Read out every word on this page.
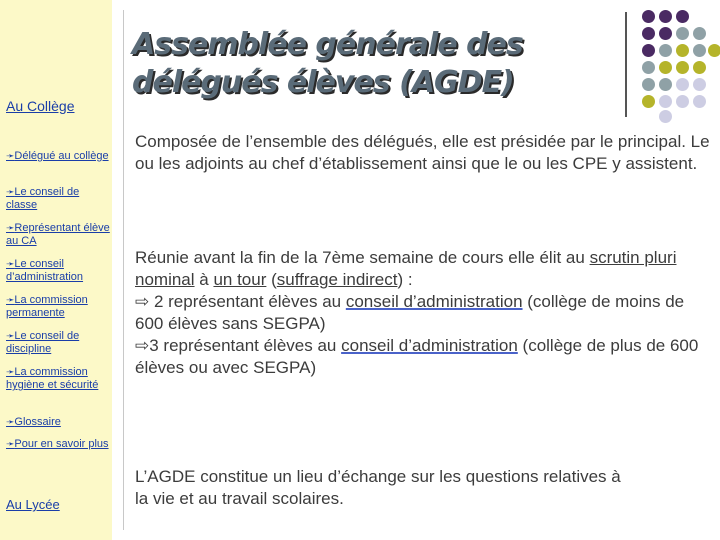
Au Collège
➛Délégué au collège
➛Le conseil de classe
➛Représentant élève au CA
➛Le conseil d’administration
➛La commission permanente
➛Le conseil de discipline
➛La commission hygiène et sécurité
➛Glossaire
➛Pour en savoir plus
Au Lycée
Assemblée générale des délégués élèves (AGDE)
Composée de l’ensemble des délégués, elle est présidée par le principal. Le ou les adjoints au chef d’établissement ainsi que le ou les CPE y assistent.
Réunie avant la fin de la 7ème semaine de cours elle élit au scrutin pluri nominal à un tour (suffrage indirect) :
⇨ 2 représentant élèves au conseil d’administration (collège de moins de 600 élèves sans SEGPA)
⇨3 représentant élèves au conseil d’administration (collège de plus de 600 élèves ou avec SEGPA)
L’AGDE constitue un lieu d’échange sur les questions relatives à la vie et au travail scolaires.
